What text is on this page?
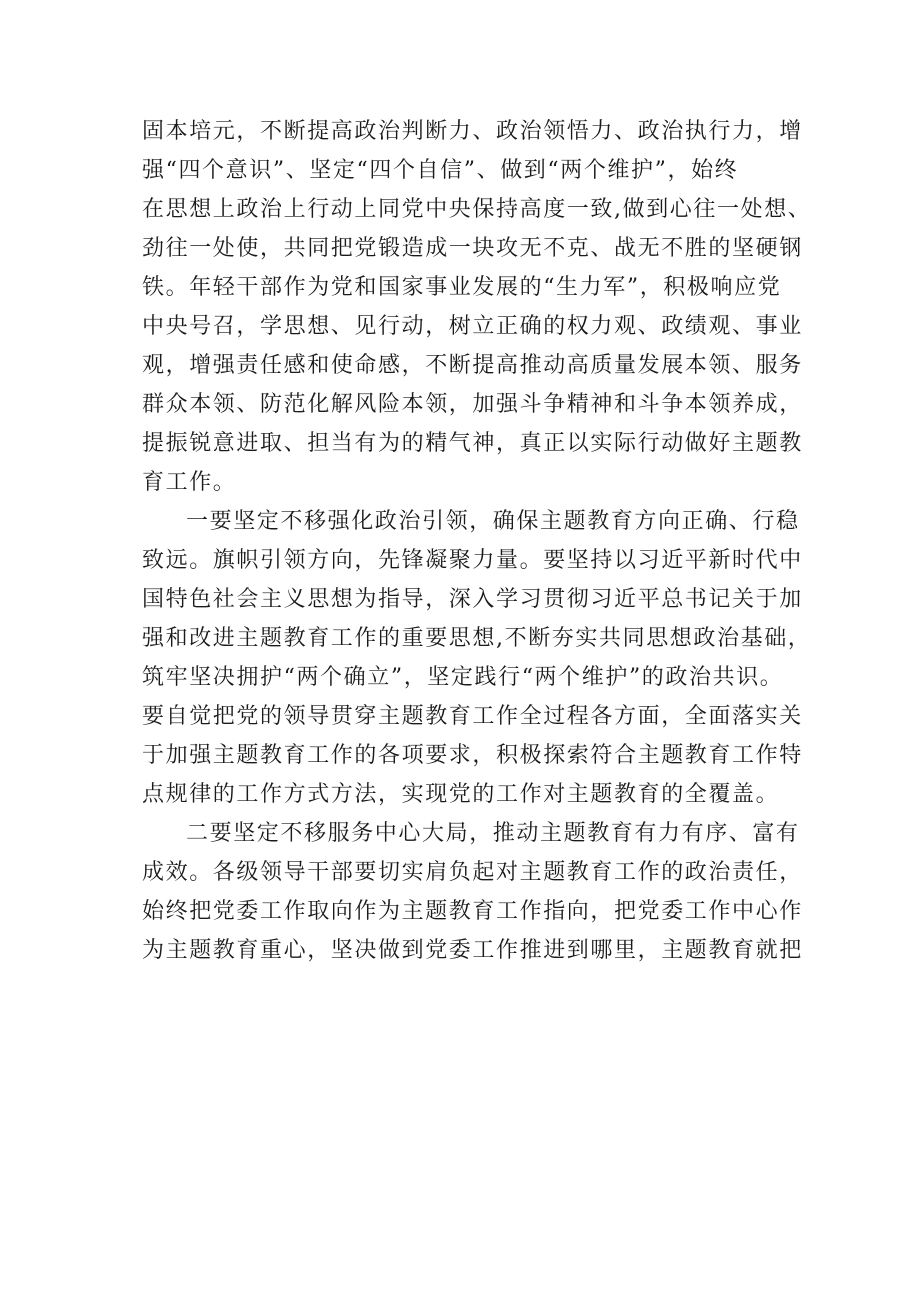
固本培元，不断提高政治判断力、政治领悟力、政治执行力，增
强“四个意识”、坚定“四个自信”、做到“两个维护”，始终
在思想上政治上行动上同党中央保持高度一致,做到心往一处想、
劲往一处使，共同把党锻造成一块攻无不克、战无不胜的坚硬钢
铁。年轻干部作为党和国家事业发展的“生力军”，积极响应党
中央号召，学思想、见行动，树立正确的权力观、政绩观、事业
观，增强责任感和使命感，不断提高推动高质量发展本领、服务
群众本领、防范化解风险本领，加强斗争精神和斗争本领养成，
提振锐意进取、担当有为的精气神，真正以实际行动做好主题教
育工作。
一要坚定不移强化政治引领，确保主题教育方向正确、行稳
致远。旗帜引领方向，先锋凝聚力量。要坚持以习近平新时代中
国特色社会主义思想为指导，深入学习贯彻习近平总书记关于加
强和改进主题教育工作的重要思想,不断夯实共同思想政治基础，
筑牢坚决拥护“两个确立”，坚定践行“两个维护”的政治共识。
要自觉把党的领导贯穿主题教育工作全过程各方面，全面落实关
于加强主题教育工作的各项要求，积极探索符合主题教育工作特
点规律的工作方式方法，实现党的工作对主题教育的全覆盖。
二要坚定不移服务中心大局，推动主题教育有力有序、富有
成效。各级领导干部要切实肩负起对主题教育工作的政治责任，
始终把党委工作取向作为主题教育工作指向，把党委工作中心作
为主题教育重心，坚决做到党委工作推进到哪里，主题教育就把
